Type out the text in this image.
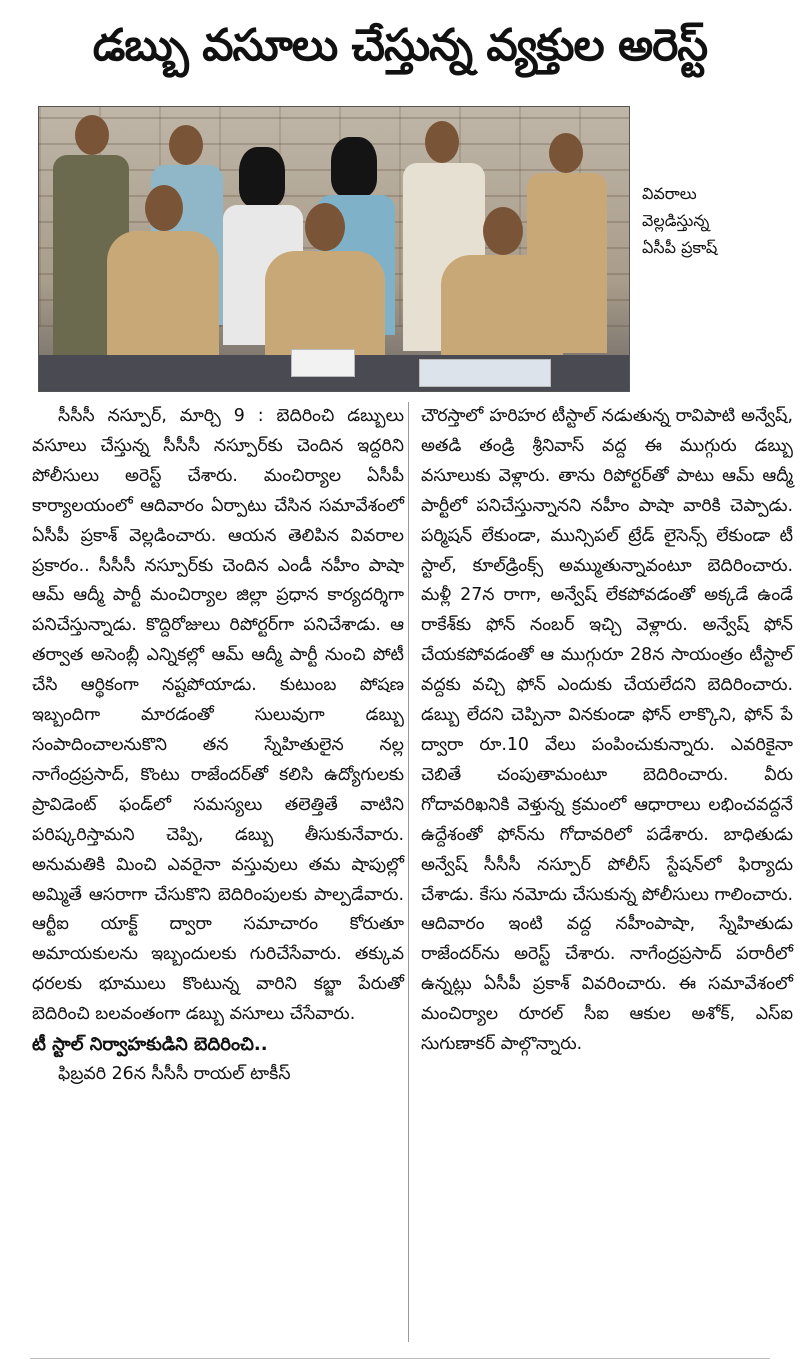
డబ్బు వసూలు చేస్తున్న వ్యక్తుల అరెస్ట్
వివరాలు
వెల్లడిస్తున్న
ఏసీపీ ప్రకాష్

సీసీసీ నస్పూర్, మార్చి 9 : బెదిరించి డబ్బులు వసూలు చేస్తున్న సీసీసీ నస్పూర్‌కు చెందిన ఇద్దరిని పోలీసులు అరెస్ట్ చేశారు. మంచిర్యాల ఏసీపీ కార్యాలయంలో ఆదివారం ఏర్పాటు చేసిన సమావేశంలో ఏసీపీ ప్రకాశ్ వెల్లడించారు. ఆయన తెలిపిన వివరాల ప్రకారం.. సీసీసీ నస్పూర్‌కు చెందిన ఎండీ నహీం పాషా ఆమ్ ఆద్మీ పార్టీ మంచిర్యాల జిల్లా ప్రధాన కార్యదర్శిగా పనిచేస్తున్నాడు. కొద్దిరోజులు రిపోర్టర్‌గా పనిచేశాడు. ఆ తర్వాత అసెంబ్లీ ఎన్నికల్లో ఆమ్ ఆద్మీ పార్టీ నుంచి పోటీ చేసి ఆర్థికంగా నష్టపోయాడు. కుటుంబ పోషణ ఇబ్బందిగా మారడంతో సులువుగా డబ్బు సంపాదించాలనుకొని తన స్నేహితులైన నల్ల నాగేంద్రప్రసాద్, కొంటు రాజేందర్‌తో కలిసి ఉద్యోగులకు ప్రావిడెంట్ ఫండ్‌లో సమస్యలు తలెత్తితే వాటిని పరిష్కరిస్తామని చెప్పి, డబ్బు తీసుకునేవారు. అనుమతికి మించి ఎవరైనా వస్తువులు తమ షాపుల్లో అమ్మితే ఆసరాగా చేసుకొని బెదిరింపులకు పాల్పడేవారు. ఆర్టీఐ యాక్ట్ ద్వారా సమాచారం కోరుతూ అమాయకులను ఇబ్బందులకు గురిచేసేవారు. తక్కువ ధరలకు భూములు కొంటున్న వారిని కబ్జా పేరుతో బెదిరించి బలవంతంగా డబ్బు వసూలు చేసేవారు.

టీ స్టాల్ నిర్వాహకుడిని బెదిరించి..

ఫిబ్రవరి 26న సీసీసీ రాయల్ టాకీస్

చౌరస్తాలో హరిహర టీస్టాల్ నడుతున్న రావిపాటి అన్వేష్, అతడి తండ్రి శ్రీనివాస్ వద్ద ఈ ముగ్గురు డబ్బు వసూలుకు వెళ్లారు. తాను రిపోర్టర్‌తో పాటు ఆమ్ ఆద్మీ పార్టీలో పనిచేస్తున్నానని నహీం పాషా వారికి చెప్పాడు. పర్మిషన్ లేకుండా, మున్సిపల్ ట్రేడ్ లైసెన్స్ లేకుండా టీ స్టాల్, కూల్‌డ్రింక్స్ అమ్ముతున్నావంటూ బెదిరించారు. మళ్లీ 27న రాగా, అన్వేష్ లేకపోవడంతో అక్కడే ఉండే రాకేశ్‌కు ఫోన్ నంబర్ ఇచ్చి వెళ్లారు. అన్వేష్ ఫోన్ చేయకపోవడంతో ఆ ముగ్గురూ 28న సాయంత్రం టీస్టాల్ వద్దకు వచ్చి ఫోన్ ఎందుకు చేయలేదని బెదిరించారు. డబ్బు లేదని చెప్పినా వినకుండా ఫోన్ లాక్కొని, ఫోన్ పే ద్వారా రూ.10 వేలు పంపించుకున్నారు. ఎవరికైనా చెబితే చంపుతామంటూ బెదిరించారు. వీరు గోదావరిఖనికి వెళ్తున్న క్రమంలో ఆధారాలు లభించవద్దనే ఉద్దేశంతో ఫోన్‌ను గోదావరిలో పడేశారు. బాధితుడు అన్వేష్ సీసీసీ నస్పూర్ పోలీస్ స్టేషన్‌లో ఫిర్యాదు చేశాడు. కేసు నమోదు చేసుకున్న పోలీసులు గాలించారు. ఆదివారం ఇంటి వద్ద నహీంపాషా, స్నేహితుడు రాజేందర్‌ను అరెస్ట్ చేశారు. నాగేంద్రప్రసాద్ పరారీలో ఉన్నట్లు ఏసీపీ ప్రకాశ్ వివరించారు. ఈ సమావేశంలో మంచిర్యాల రూరల్ సీఐ ఆకుల అశోక్, ఎస్ఐ సుగుణాకర్ పాల్గొన్నారు.
